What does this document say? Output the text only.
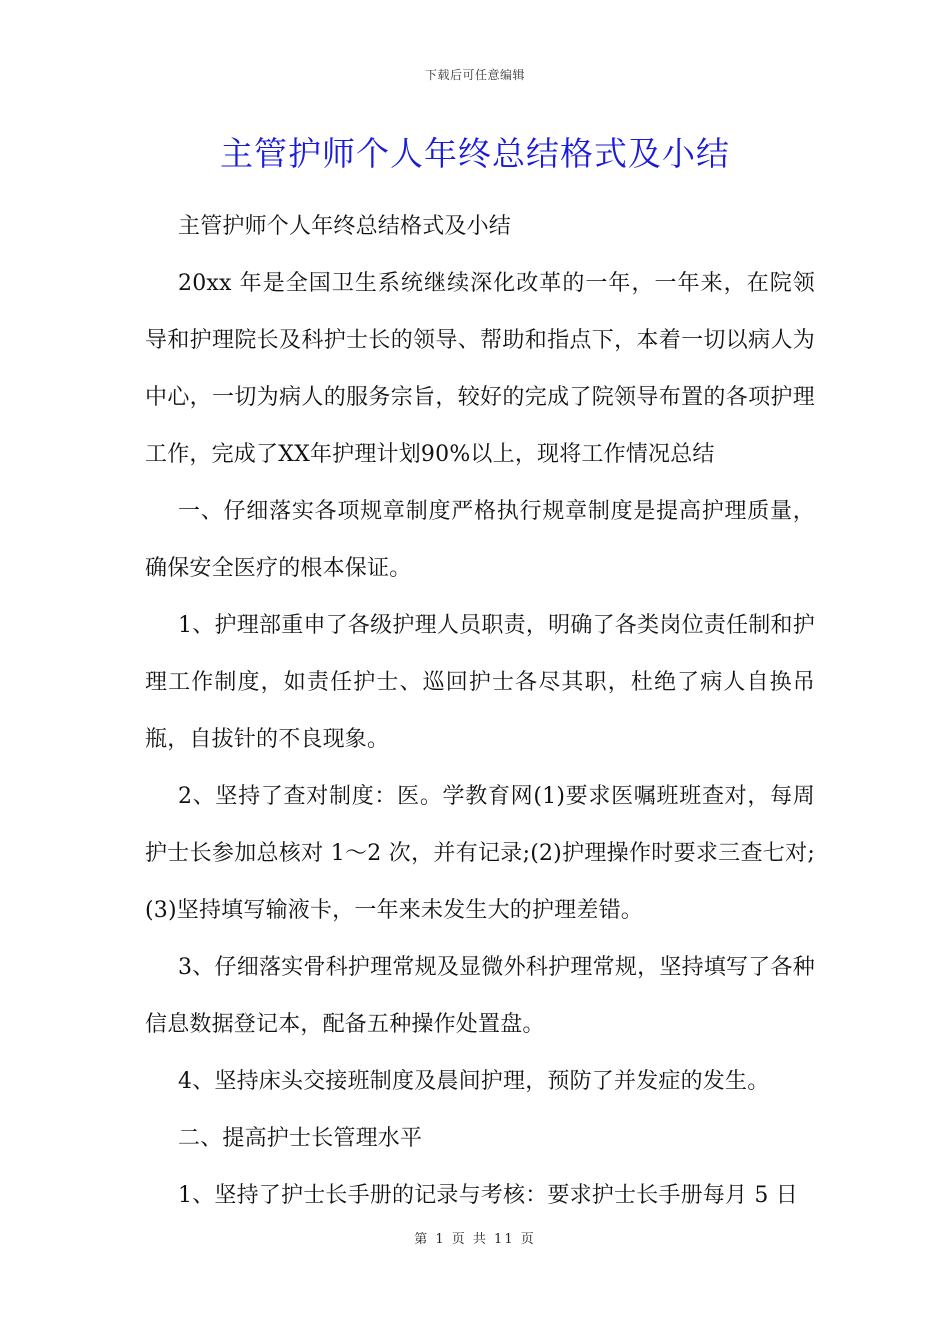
下载后可任意编辑
主管护师个人年终总结格式及小结

主管护师个人年终总结格式及小结

20xx 年是全国卫生系统继续深化改革的一年，一年来，在院领导和护理院长及科护士长的领导、帮助和指点下，本着一切以病人为中心，一切为病人的服务宗旨，较好的完成了院领导布置的各项护理工作，完成了XX年护理计划90%以上，现将工作情况总结

一、仔细落实各项规章制度严格执行规章制度是提高护理质量，确保安全医疗的根本保证。

1、护理部重申了各级护理人员职责，明确了各类岗位责任制和护理工作制度，如责任护士、巡回护士各尽其职，杜绝了病人自换吊瓶，自拔针的不良现象。

2、坚持了查对制度：医。学教育网(1)要求医嘱班班查对，每周护士长参加总核对 1～2 次，并有记录;(2)护理操作时要求三查七对;(3)坚持填写输液卡，一年来未发生大的护理差错。

3、仔细落实骨科护理常规及显微外科护理常规，坚持填写了各种信息数据登记本，配备五种操作处置盘。

4、坚持床头交接班制度及晨间护理，预防了并发症的发生。

二、提高护士长管理水平

1、坚持了护士长手册的记录与考核：要求护士长手册每月 5 日

第 1 页 共 11 页
